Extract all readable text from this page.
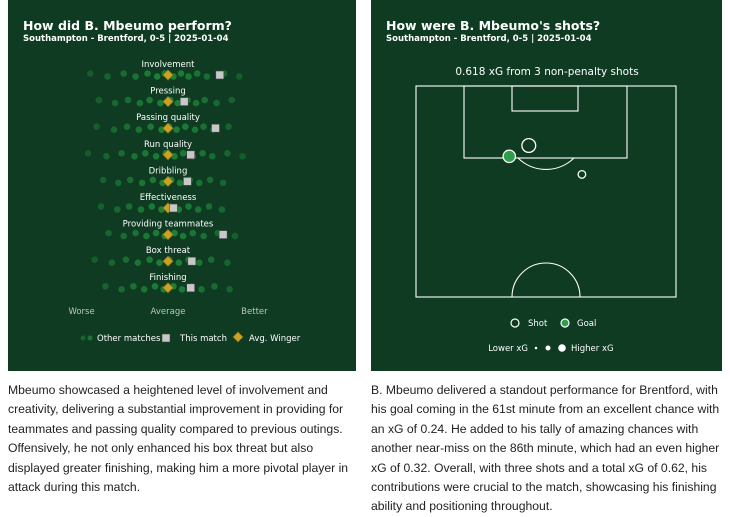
How did B. Mbeumo perform?
Southampton - Brentford, 0-5 | 2025-01-04
Involvement
Pressing
Passing quality
Run quality
Dribbling
Effectiveness
Providing teammates
Box threat
Finishing
Worse	Average	Better
Other matches This match	Avg. Winger
How were B. Mbeumo's shots?
Southampton - Brentford, 0-5 | 2025-01-04
0.618 xG from 3 non-penalty shots
Shot	Goal
Lower xG	Higher xG

Mbeumo showcased a heightened level of involvement and creativity, delivering a substantial improvement in providing for teammates and passing quality compared to previous outings. Offensively, he not only enhanced his box threat but also displayed greater finishing, making him a more pivotal player in attack during this match.

B. Mbeumo delivered a standout performance for Brentford, with his goal coming in the 61st minute from an excellent chance with an xG of 0.24. He added to his tally of amazing chances with another near-miss on the 86th minute, which had an even higher xG of 0.32. Overall, with three shots and a total xG of 0.62, his contributions were crucial to the match, showcasing his finishing ability and positioning throughout.
